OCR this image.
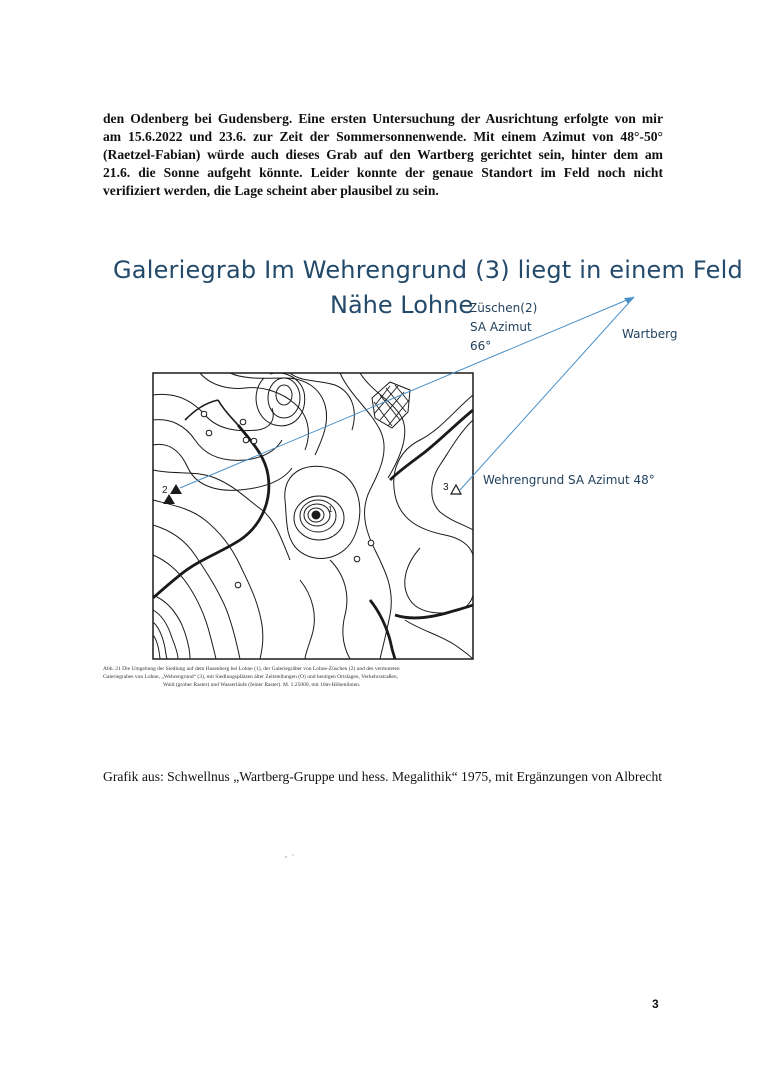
den Odenberg bei Gudensberg. Eine ersten Untersuchung der Ausrichtung erfolgte von mir
am 15.6.2022 und 23.6. zur Zeit der Sommersonnenwende. Mit einem Azimut von 48°-50°
(Raetzel-Fabian) würde auch dieses Grab auf den Wartberg gerichtet sein, hinter dem am
21.6. die Sonne aufgeht könnte. Leider konnte der genaue Standort im Feld noch nicht
verifiziert werden, die Lage scheint aber plausibel zu sein.
Galeriegrab Im Wehrengrund (3) liegt in einem Feld
Nähe Lohne
Züschen(2)
SA Azimut
66°
Wartberg
Wehrengrund SA Azimut 48°
2	3
1
Abb. 21 Die Umgebung der Siedlung auf dem Hasenberg bei Lohne (1), der Galeriegräber von Lohne-Züschen (2) und des vermuteten
Galeriegrabes von Lohne, „Wehrengrund“ (3), mit Siedlungsplätzen älter Zeitstellungen (O) und heutigen Ortslagen, Verkehrsstraßen,
Wald (grober Raster) und Wasserläufe (feiner Raster). M. 1:25000, mit 10m-Höhenlinien.
Grafik aus: Schwellnus „Wartberg-Gruppe und hess. Megalithik“ 1975, mit Ergänzungen von Albrecht
3
